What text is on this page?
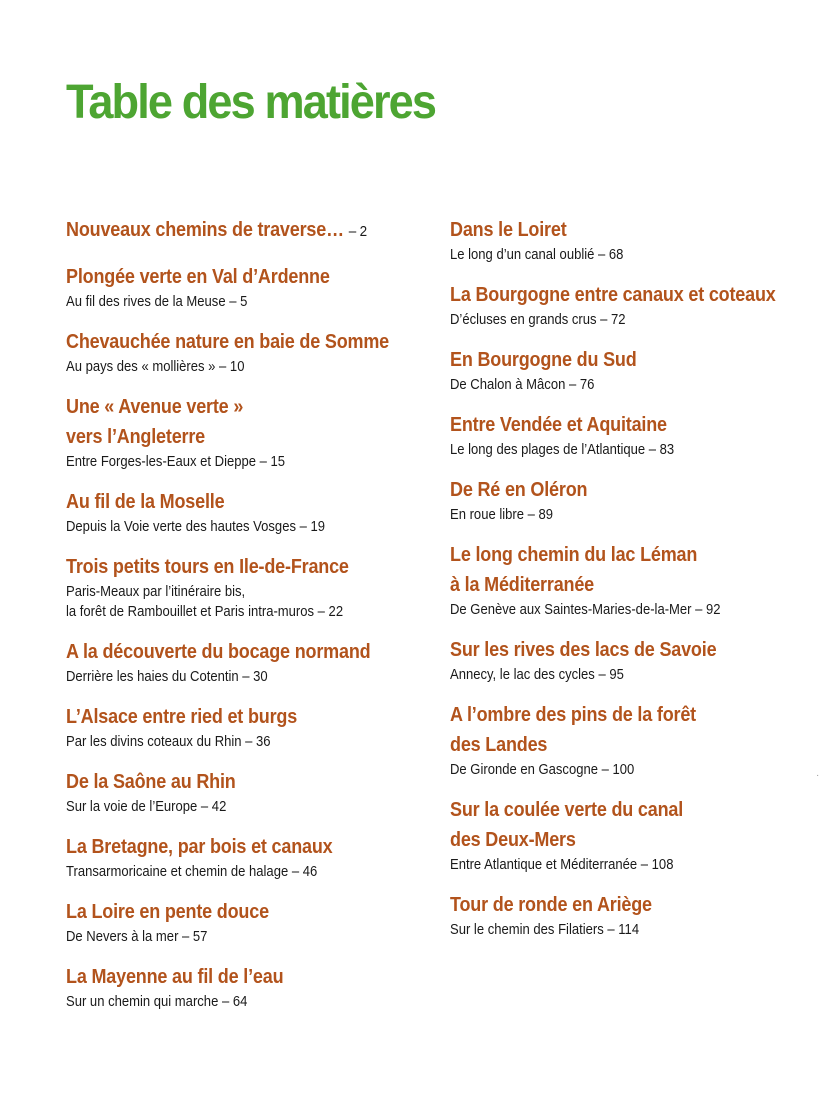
Table des matières
Nouveaux chemins de traverse… – 2
Plongée verte en Val d’Ardenne
Au fil des rives de la Meuse – 5
Chevauchée nature en baie de Somme
Au pays des « mollières » – 10
Une « Avenue verte »
vers l’Angleterre
Entre Forges-les-Eaux et Dieppe – 15
Au fil de la Moselle
Depuis la Voie verte des hautes Vosges – 19
Trois petits tours en Ile-de-France
Paris-Meaux par l’itinéraire bis,
la forêt de Rambouillet et Paris intra-muros – 22
A la découverte du bocage normand
Derrière les haies du Cotentin – 30
L’Alsace entre ried et burgs
Par les divins coteaux du Rhin – 36
De la Saône au Rhin
Sur la voie de l’Europe – 42
La Bretagne, par bois et canaux
Transarmoricaine et chemin de halage – 46
La Loire en pente douce
De Nevers à la mer – 57
La Mayenne au fil de l’eau
Sur un chemin qui marche – 64
Dans le Loiret
Le long d’un canal oublié – 68
La Bourgogne entre canaux et coteaux
D’écluses en grands crus – 72
En Bourgogne du Sud
De Chalon à Mâcon – 76
Entre Vendée et Aquitaine
Le long des plages de l’Atlantique – 83
De Ré en Oléron
En roue libre – 89
Le long chemin du lac Léman
à la Méditerranée
De Genève aux Saintes-Maries-de-la-Mer – 92
Sur les rives des lacs de Savoie
Annecy, le lac des cycles – 95
A l’ombre des pins de la forêt
des Landes
De Gironde en Gascogne – 100
Sur la coulée verte du canal
des Deux-Mers
Entre Atlantique et Méditerranée – 108
Tour de ronde en Ariège
Sur le chemin des Filatiers – 114
·
